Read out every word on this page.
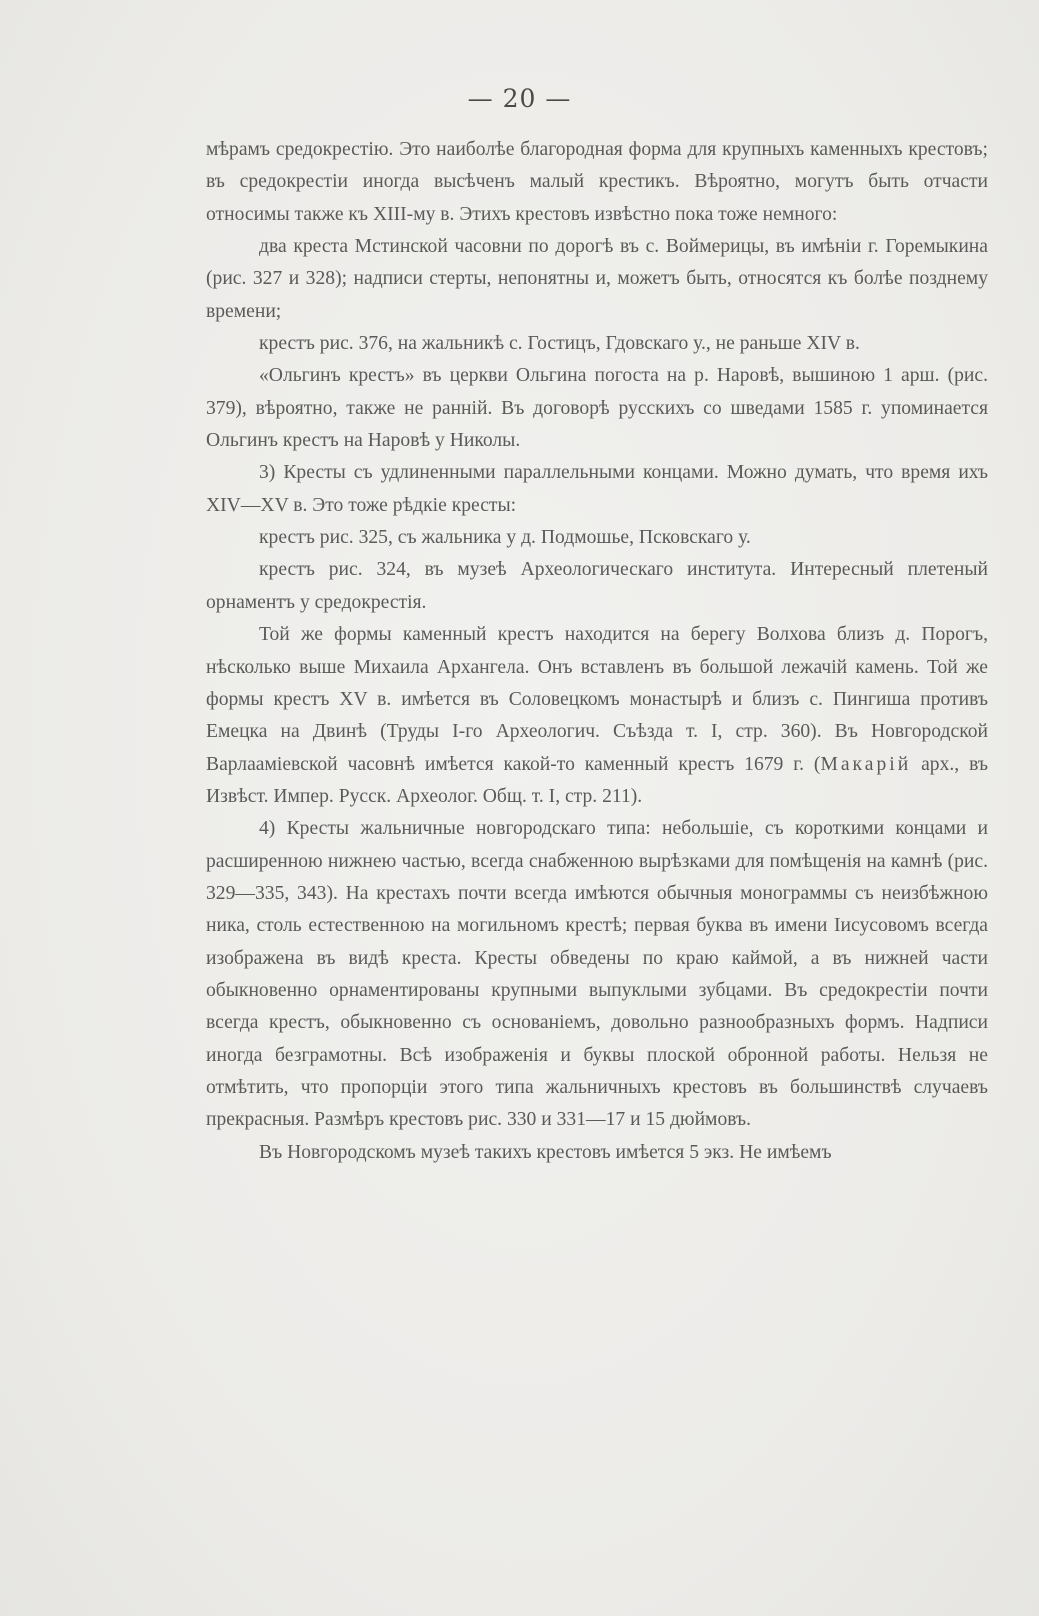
— 20 —

мѣрамъ средокрестію. Это наиболѣе благородная форма для крупныхъ каменныхъ крестовъ; въ средокрестіи иногда высѣченъ малый крестикъ. Вѣроятно, могутъ быть отчасти относимы также къ XIII-му в. Этихъ крестовъ извѣстно пока тоже немного:

два креста Мстинской часовни по дорогѣ въ с. Воймерицы, въ имѣніи г. Горемыкина (рис. 327 и 328); надписи стерты, непонятны и, можетъ быть, относятся къ болѣе позднему времени;

крестъ рис. 376, на жальникѣ с. Гостицъ, Гдовскаго у., не раньше XIV в.

«Ольгинъ крестъ» въ церкви Ольгина погоста на р. Наровѣ, вышиною 1 арш. (рис. 379), вѣроятно, также не ранній. Въ договорѣ русскихъ со шведами 1585 г. упоминается Ольгинъ крестъ на Наровѣ у Николы.

3) Кресты съ удлиненными параллельными концами. Можно думать, что время ихъ XIV—XV в. Это тоже рѣдкіе кресты:

крестъ рис. 325, съ жальника у д. Подмошье, Псковскаго у.

крестъ рис. 324, въ музеѣ Археологическаго института. Интересный плетеный орнаментъ у средокрестія.

Той же формы каменный крестъ находится на берегу Волхова близъ д. Порогъ, нѣсколько выше Михаила Архангела. Онъ вставленъ въ большой лежачій камень. Той же формы крестъ XV в. имѣется въ Соловецкомъ монастырѣ и близъ с. Пингиша противъ Емецка на Двинѣ (Труды I-го Археологич. Съѣзда т. I, стр. 360). Въ Новгородской Варлааміевской часовнѣ имѣется какой-то каменный крестъ 1679 г. (Макарій арх., въ Извѣст. Импер. Русск. Археолог. Общ. т. I, стр. 211).

4) Кресты жальничные новгородскаго типа: небольшіе, съ короткими концами и расширенною нижнею частью, всегда снабженною вырѣзками для помѣщенія на камнѣ (рис. 329—335, 343). На крестахъ почти всегда имѣются обычныя монограммы съ неизбѣжною ника, столь естественною на могильномъ крестѣ; первая буква въ имени Іисусовомъ всегда изображена въ видѣ креста. Кресты обведены по краю каймой, а въ нижней части обыкновенно орнаментированы крупными выпуклыми зубцами. Въ средокрестіи почти всегда крестъ, обыкновенно съ основаніемъ, довольно разнообразныхъ формъ. Надписи иногда безграмотны. Всѣ изображенія и буквы плоской обронной работы. Нельзя не отмѣтить, что пропорціи этого типа жальничныхъ крестовъ въ большинствѣ случаевъ прекрасныя. Размѣръ крестовъ рис. 330 и 331—17 и 15 дюймовъ.

Въ Новгородскомъ музеѣ такихъ крестовъ имѣется 5 экз. Не имѣемъ
